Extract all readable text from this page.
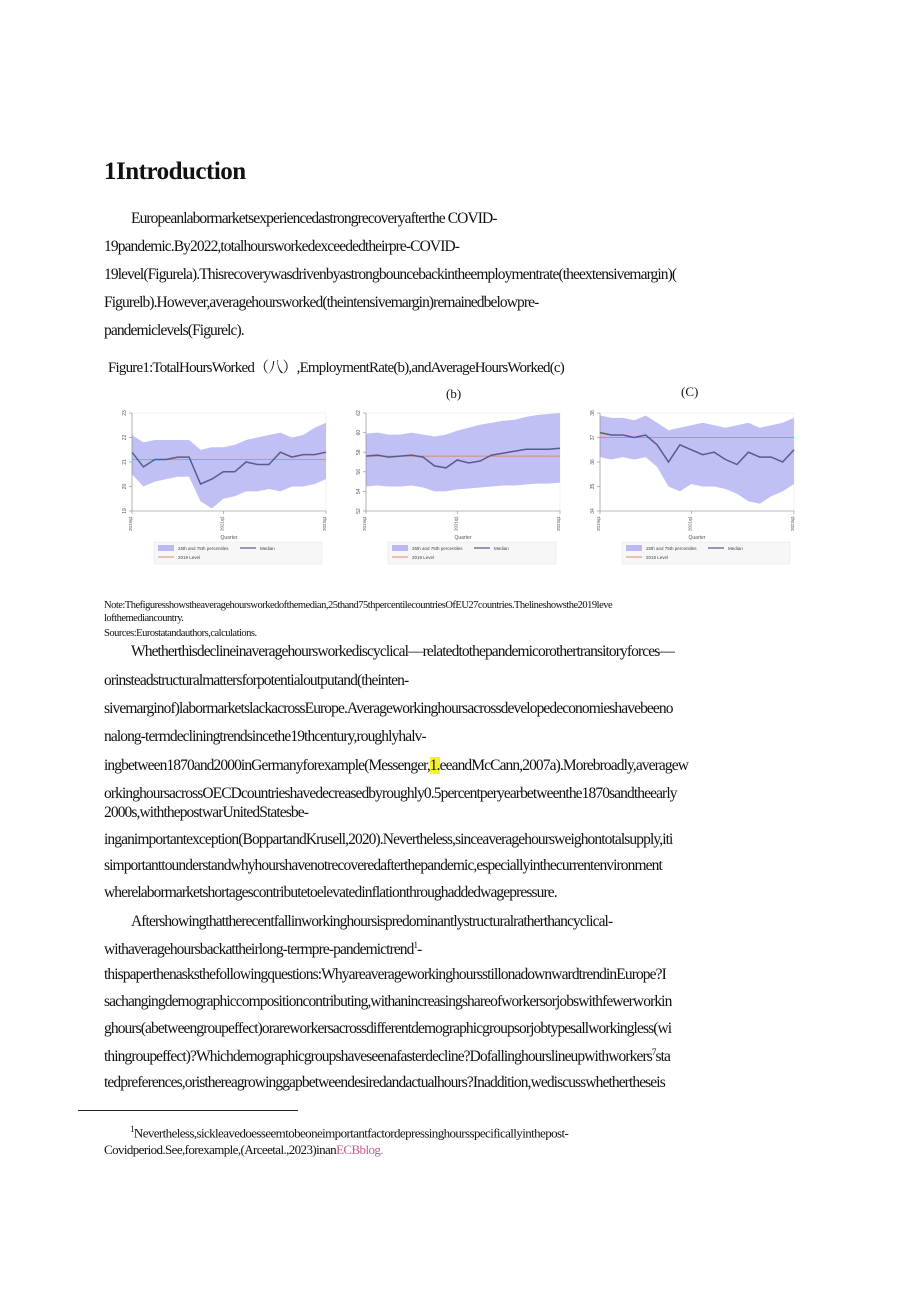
1Introduction
Europeanlabormarketsexperiencedastrongrecoveryafterthe COVID-
19pandemic.By2022,totalhoursworkedexceededtheirpre-COVID-
19level(Figurela).Thisrecoverywasdrivenbyastrongbouncebackintheemploymentrate(theextensivemargin)(
Figurelb).However,averagehoursworked(theintensivemargin)remainedbelowpre-
pandemiclevels(Figurelc).
Figure1:TotalHoursWorked（八）,EmploymentRate(b),andAverageHoursWorked(c)
(b)	(C)
19
20
21
22
23
2019q1	2021q1	2023q1
Quarter
25th and 75th percentiles	Median
2019 Level
52
54
56
58
60
62
2019q1	2021q1	2023q1
Quarter
25th and 75th percentiles	Median
2019 Level
34
35
36
37
38
2019q1	2021q1	2023q1
Quarter
25th and 75th percentiles	Median
2019 Level
Note:Thefiguresshowstheaveragehoursworkedofthemedian,25thand75thpercentilecountriesOfEU27countries.Thelineshowsthe2019leve
lofthemediancountry.
Sources:Eurostatandauthors,calculations.
Whetherthisdeclineinaveragehoursworkediscyclical—relatedtothepandemicorothertransitoryforces—
orinsteadstructuralmattersforpotentialoutputand(theinten-
sivemarginof)labormarketslackacrossEurope.Averageworkinghoursacrossdevelopedeconomieshavebeeno
nalong-termdecliningtrendsincethe19thcentury,roughlyhalv-
ingbetween1870and2000inGermanyforexample(Messenger,1.eeandMcCann,2007a).Morebroadly,averagew
orkinghoursacrossOECDcountrieshavedecreasedbyroughly0.5percentperyearbetweenthe1870sandtheearly
2000s,withthepostwarUnitedStatesbe-
inganimportantexception(BoppartandKrusell,2020).Nevertheless,sinceaveragehoursweighontotalsupply,iti
simportanttounderstandwhyhourshavenotrecoveredafterthepandemic,especiallyinthecurrentenvironment
wherelabormarketshortagescontributetoelevatedinflationthroughaddedwagepressure.
Aftershowingthattherecentfallinworkinghoursispredominantlystructuralratherthancyclical-
withaveragehoursbackattheirlong-termpre-pandemictrend$^1$-
thispaperthenasksthefollowingquestions:WhyareaverageworkinghoursstillonadownwardtrendinEurope?I
sachangingdemographiccompositioncontributing,withanincreasingshareofworkersorjobswithfewerworkin
ghours(abetweengroupeffect)orareworkersacrossdifferentdemographicgroupsorjobtypesallworkingless(wi
thingroupeffect)?Whichdemographicgroupshaveseenafasterdecline?Dofallinghourslineupwithworkers$^7$sta
tedpreferences,oristhereagrowinggapbetweendesiredandactualhours?Inaddition,wediscusswhethertheseis
$^1$Nevertheless,sickleavedoesseemtobeoneimportantfactordepressinghoursspecificallyinthepost-
Covidperiod.See,forexample,(Arceetal.,2023)inanECBblog.
